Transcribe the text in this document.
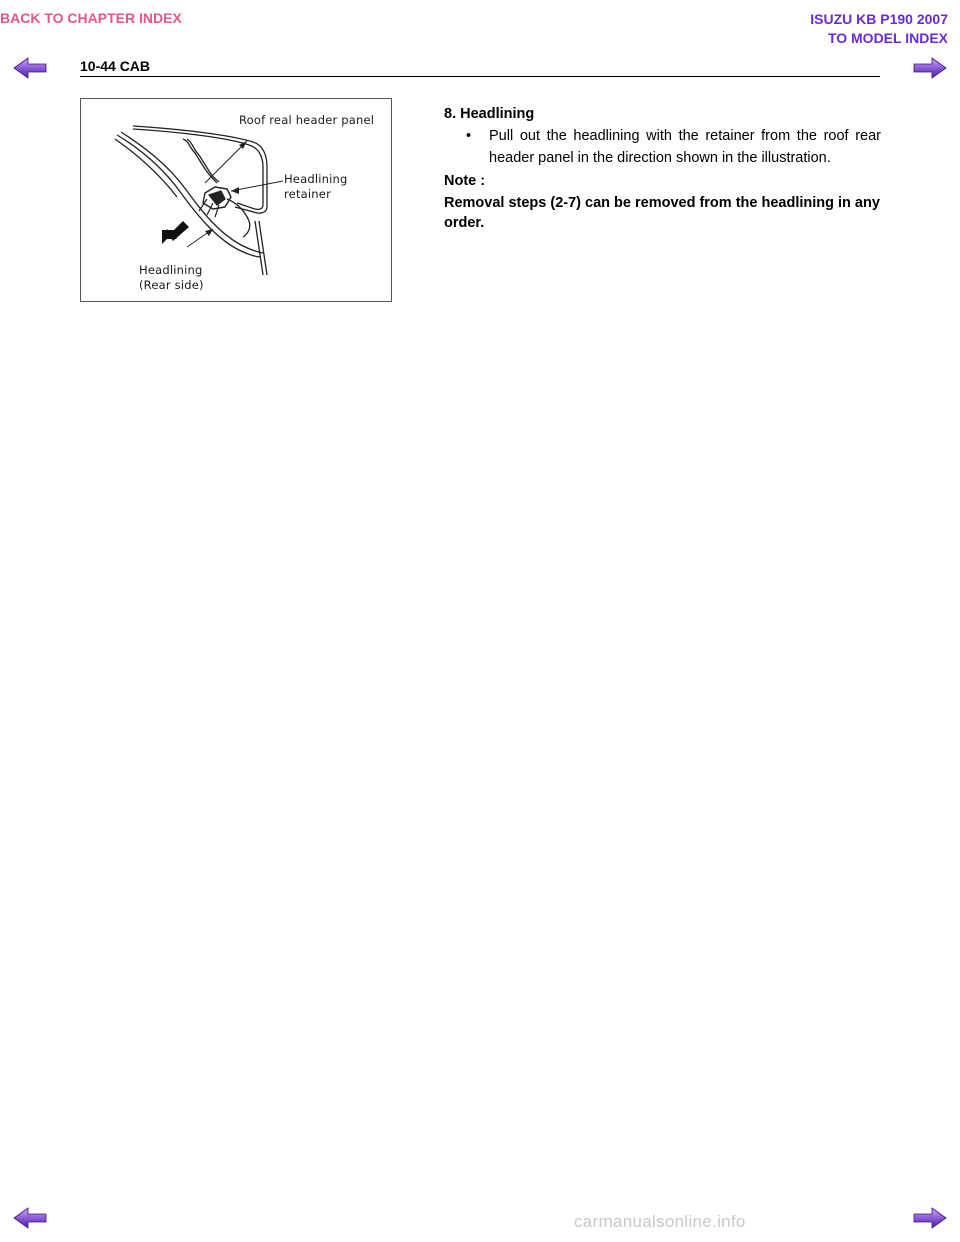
BACK TO CHAPTER INDEX	ISUZU KB P190 2007
TO MODEL INDEX
10-44 CAB
Roof real header panel
Headlining
retainer
Headlining
(Rear side)
8. Headlining
• Pull out the headlining with the retainer from the roof rear header panel in the direction shown in the illustration.
Note :
Removal steps (2-7) can be removed from the headlining in any order.
carmanualsonline.info
